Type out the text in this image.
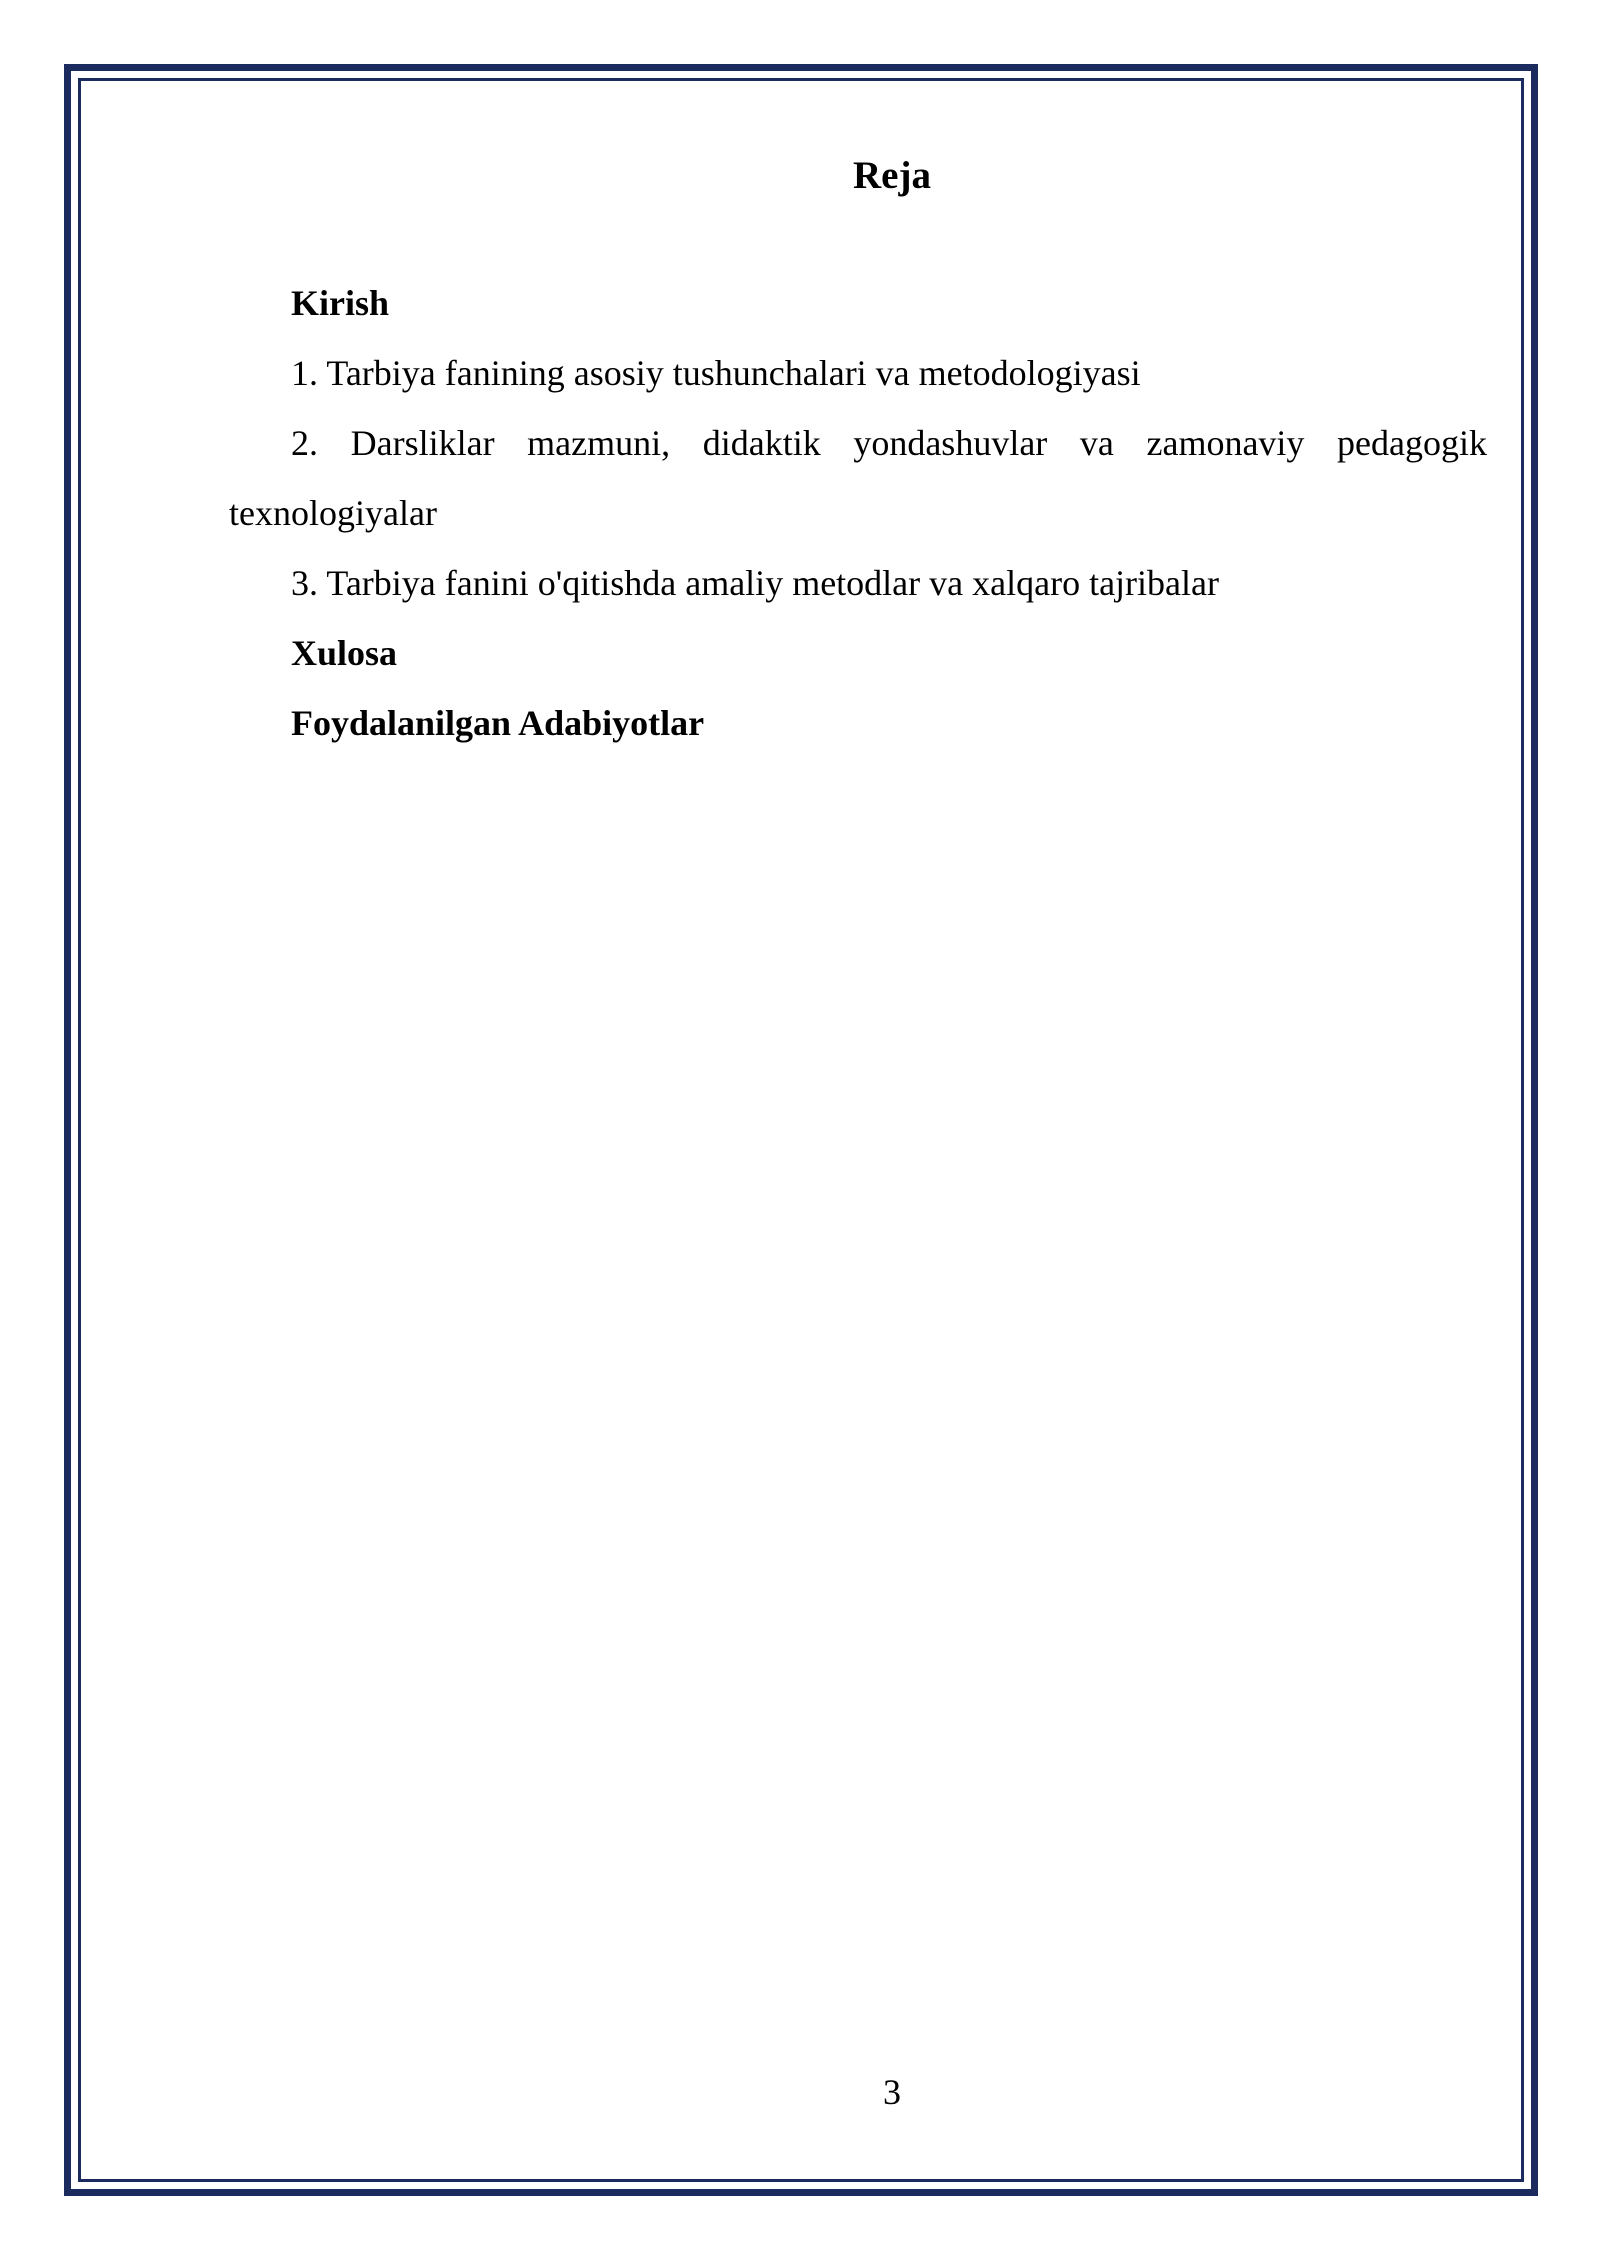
Reja

Kirish

1. Tarbiya fanining asosiy tushunchalari va metodologiyasi

2. Darsliklar mazmuni, didaktik yondashuvlar va zamonaviy pedagogik texnologiyalar

3. Tarbiya fanini o'qitishda amaliy metodlar va xalqaro tajribalar

Xulosa

Foydalanilgan Adabiyotlar

3
